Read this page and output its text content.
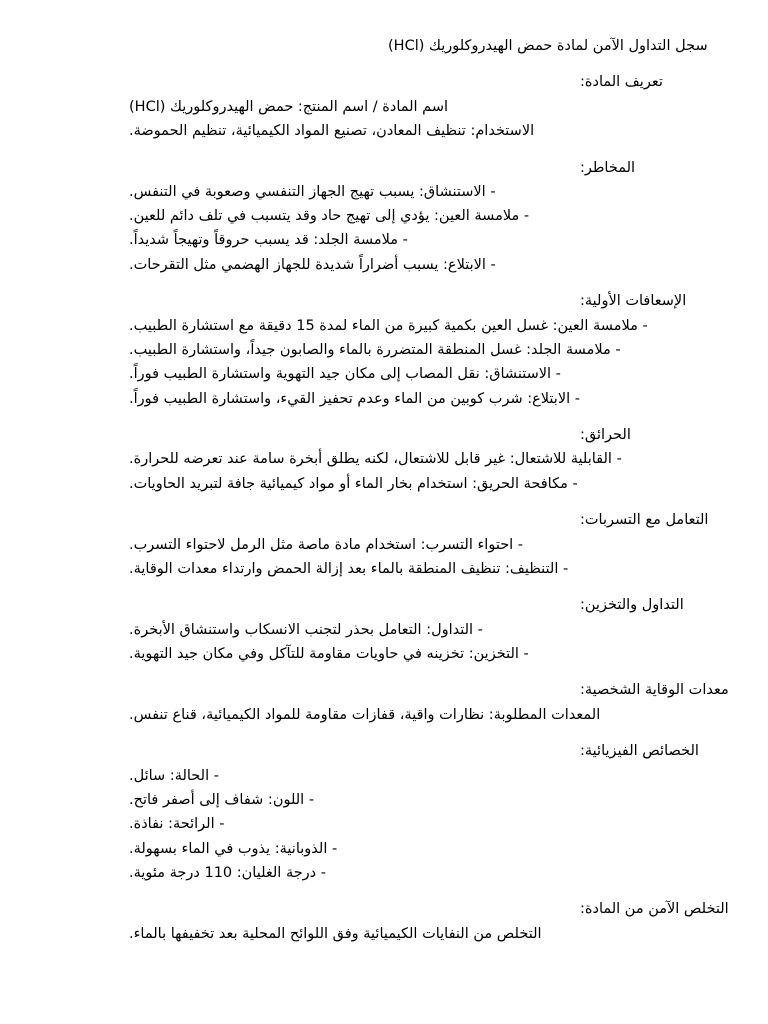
سجل التداول الآمن لمادة حمض الهيدروكلوريك (HCl)
تعريف المادة:
اسم المادة / اسم المنتج: حمض الهيدروكلوريك (HCl)
الاستخدام: تنظيف المعادن، تصنيع المواد الكيميائية، تنظيم الحموضة.
المخاطر:
- الاستنشاق: يسبب تهيج الجهاز التنفسي وصعوبة في التنفس.
- ملامسة العين: يؤدي إلى تهيج حاد وقد يتسبب في تلف دائم للعين.
- ملامسة الجلد: قد يسبب حروقاً وتهيجاً شديداً.
- الابتلاع: يسبب أضراراً شديدة للجهاز الهضمي مثل التقرحات.
الإسعافات الأولية:
- ملامسة العين: غسل العين بكمية كبيرة من الماء لمدة 15 دقيقة مع استشارة الطبيب.
- ملامسة الجلد: غسل المنطقة المتضررة بالماء والصابون جيداً، واستشارة الطبيب.
- الاستنشاق: نقل المصاب إلى مكان جيد التهوية واستشارة الطبيب فوراً.
- الابتلاع: شرب كوبين من الماء وعدم تحفيز القيء، واستشارة الطبيب فوراً.
الحرائق:
- القابلية للاشتعال: غير قابل للاشتعال، لكنه يطلق أبخرة سامة عند تعرضه للحرارة.
- مكافحة الحريق: استخدام بخار الماء أو مواد كيميائية جافة لتبريد الحاويات.
التعامل مع التسربات:
- احتواء التسرب: استخدام مادة ماصة مثل الرمل لاحتواء التسرب.
- التنظيف: تنظيف المنطقة بالماء بعد إزالة الحمض وارتداء معدات الوقاية.
التداول والتخزين:
- التداول: التعامل بحذر لتجنب الانسكاب واستنشاق الأبخرة.
- التخزين: تخزينه في حاويات مقاومة للتآكل وفي مكان جيد التهوية.
معدات الوقاية الشخصية:
المعدات المطلوبة: نظارات واقية، قفازات مقاومة للمواد الكيميائية، قناع تنفس.
الخصائص الفيزيائية:
- الحالة: سائل.
- اللون: شفاف إلى أصفر فاتح.
- الرائحة: نفاذة.
- الذوبانية: يذوب في الماء بسهولة.
- درجة الغليان: 110 درجة مئوية.
التخلص الآمن من المادة:
التخلص من النفايات الكيميائية وفق اللوائح المحلية بعد تخفيفها بالماء.
